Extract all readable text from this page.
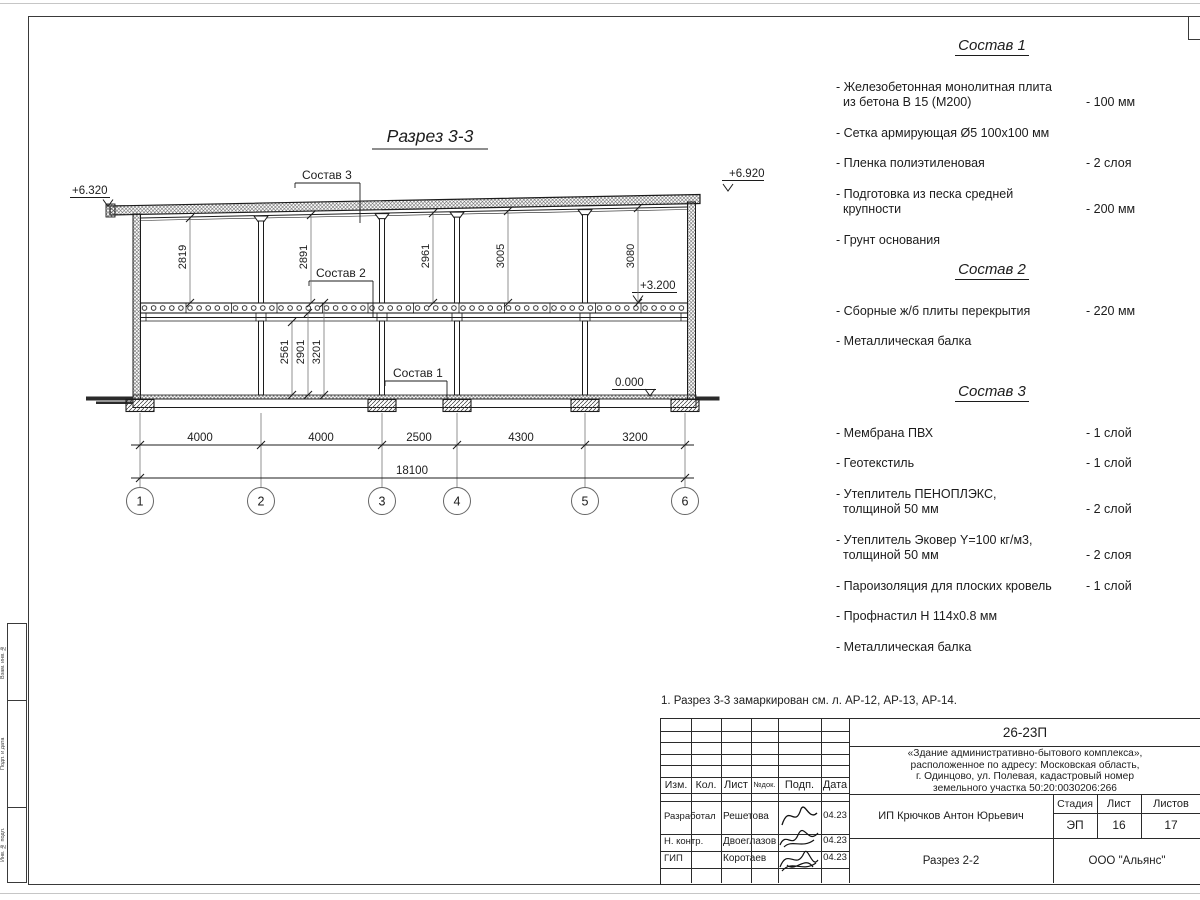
Взам. инв. №
Подп. и дата
Инв. № подл.
Разрез 3-3
+6.320
+6.920
+3.200
0.000
Состав 3
Состав 2
Состав 1
2819	2891	2961	3005	3080
2561 2901 3201
4000	4000	2500	4300	3200
18100
1	2	3	4	5	6
Состав 1
- Железобетонная монолитная плита
из бетона В 15 (М200)	- 100 мм
- Сетка армирующая Ø5 100x100 мм
- Пленка полиэтиленовая	- 2 слоя
- Подготовка из песка средней
крупности	- 200 мм
- Грунт основания
Состав 2
- Сборные ж/б плиты перекрытия	- 220 мм
- Металлическая балка
Состав 3
- Мембрана ПВХ	- 1 слой
- Геотекстиль	- 1 слой
- Утеплитель ПЕНОПЛЭКС,
толщиной 50 мм	- 2 слой
- Утеплитель Эковер Y=100 кг/м3,
толщиной 50 мм	- 2 слоя
- Пароизоляция для плоских кровель	- 1 слой
- Профнастил Н 114x0.8 мм
- Металлическая балка
1. Разрез 3-3 замаркирован см. л. АР-12, АР-13, АР-14.
Изм. Кол. Лист №док. Подп. Дата
26-23П
«Здание административно-бытового комплекса»,
расположенное по адресу: Московская область,
г. Одинцово, ул. Полевая, кадастровый номер
земельного участка 50:20:0030206:266
Разработал Решетова	04.23
Н. контр.	Двоеглазов	04.23
ГИП	Коротаев	04.23
ИП Крючков Антон Юрьевич
Разрез 2-2	ООО "Альянс"
Стадия	Лист	Листов
ЭП	16	17
